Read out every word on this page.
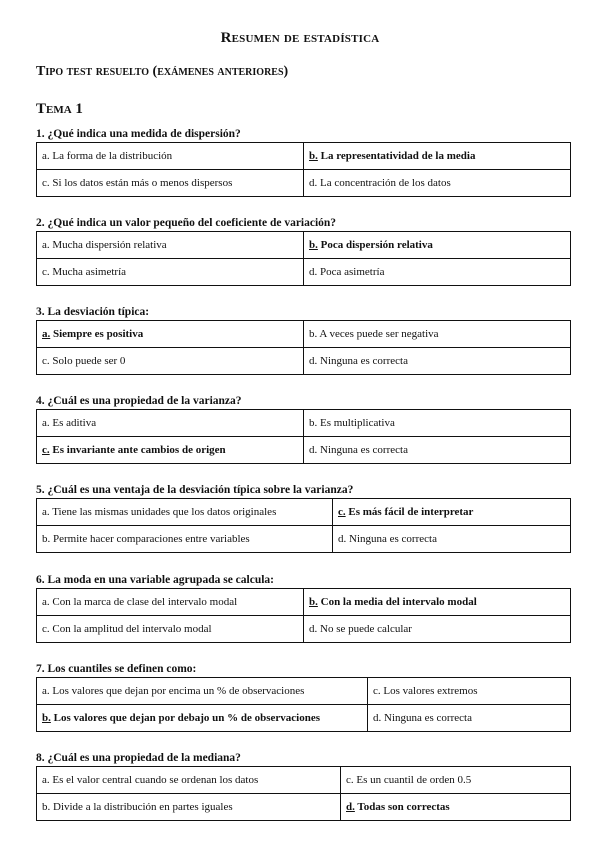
Resumen de estadística
Tipo test resuelto (exámenes anteriores)
Tema 1
1. ¿Qué indica una medida de dispersión?
a. La forma de la distribución	b. La representatividad de la media
c. Si los datos están más o menos dispersos	d. La concentración de los datos
2. ¿Qué indica un valor pequeño del coeficiente de variación?
a. Mucha dispersión relativa	b. Poca dispersión relativa
c. Mucha asimetría	d. Poca asimetría
3. La desviación típica:
a. Siempre es positiva	b. A veces puede ser negativa
c. Solo puede ser 0	d. Ninguna es correcta
4. ¿Cuál es una propiedad de la varianza?
a. Es aditiva	b. Es multiplicativa
c. Es invariante ante cambios de origen	d. Ninguna es correcta
5. ¿Cuál es una ventaja de la desviación típica sobre la varianza?
a. Tiene las mismas unidades que los datos originales	c. Es más fácil de interpretar
b. Permite hacer comparaciones entre variables	d. Ninguna es correcta
6. La moda en una variable agrupada se calcula:
a. Con la marca de clase del intervalo modal	b. Con la media del intervalo modal
c. Con la amplitud del intervalo modal	d. No se puede calcular
7. Los cuantiles se definen como:
a. Los valores que dejan por encima un % de observaciones	c. Los valores extremos
b. Los valores que dejan por debajo un % de observaciones	d. Ninguna es correcta
8. ¿Cuál es una propiedad de la mediana?
a. Es el valor central cuando se ordenan los datos	c. Es un cuantil de orden 0.5
b. Divide a la distribución en partes iguales	d. Todas son correctas
